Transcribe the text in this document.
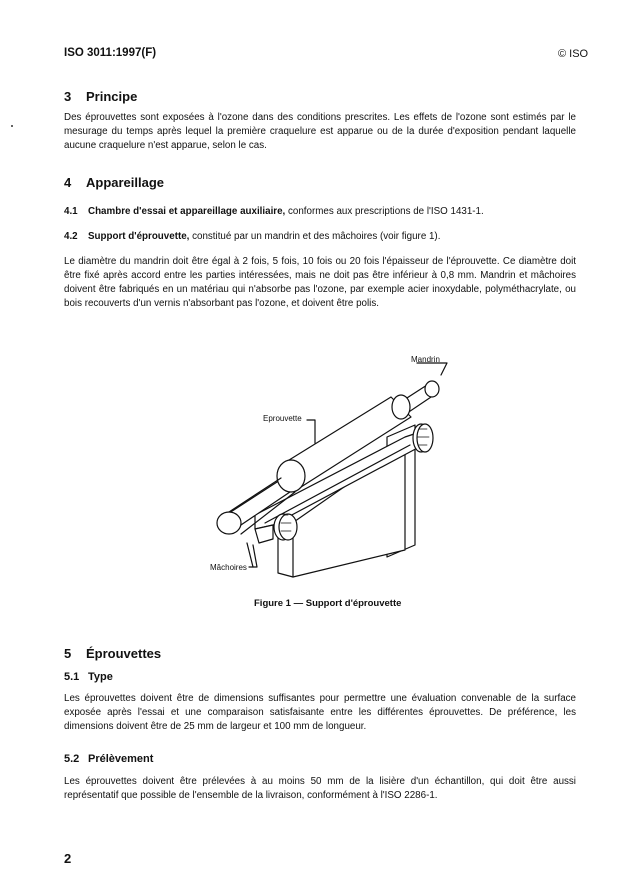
ISO 3011:1997(F)	© ISO
3 Principe
Des éprouvettes sont exposées à l'ozone dans des conditions prescrites. Les effets de l'ozone sont estimés par le mesurage du temps après lequel la première craquelure est apparue ou de la durée d'exposition pendant laquelle aucune craquelure n'est apparue, selon le cas.
4 Appareillage
4.1 Chambre d'essai et appareillage auxiliaire, conformes aux prescriptions de l'ISO 1431-1.
4.2 Support d'éprouvette, constitué par un mandrin et des mâchoires (voir figure 1).
Le diamètre du mandrin doit être égal à 2 fois, 5 fois, 10 fois ou 20 fois l'épaisseur de l'éprouvette. Ce diamètre doit être fixé après accord entre les parties intéressées, mais ne doit pas être inférieur à 0,8 mm. Mandrin et mâchoires doivent être fabriqués en un matériau qui n'absorbe pas l'ozone, par exemple acier inoxydable, polyméthacrylate, ou bois recouverts d'un vernis n'absorbant pas l'ozone, et doivent être polis.
Mandrin
Eprouvette
Mâchoires
Figure 1 — Support d'éprouvette
5 Éprouvettes
5.1 Type
Les éprouvettes doivent être de dimensions suffisantes pour permettre une évaluation convenable de la surface exposée après l'essai et une comparaison satisfaisante entre les différentes éprouvettes. De préférence, les dimensions doivent être de 25 mm de largeur et 100 mm de longueur.
5.2 Prélèvement
Les éprouvettes doivent être prélevées à au moins 50 mm de la lisière d'un échantillon, qui doit être aussi représentatif que possible de l'ensemble de la livraison, conformément à l'ISO 2286-1.
2
